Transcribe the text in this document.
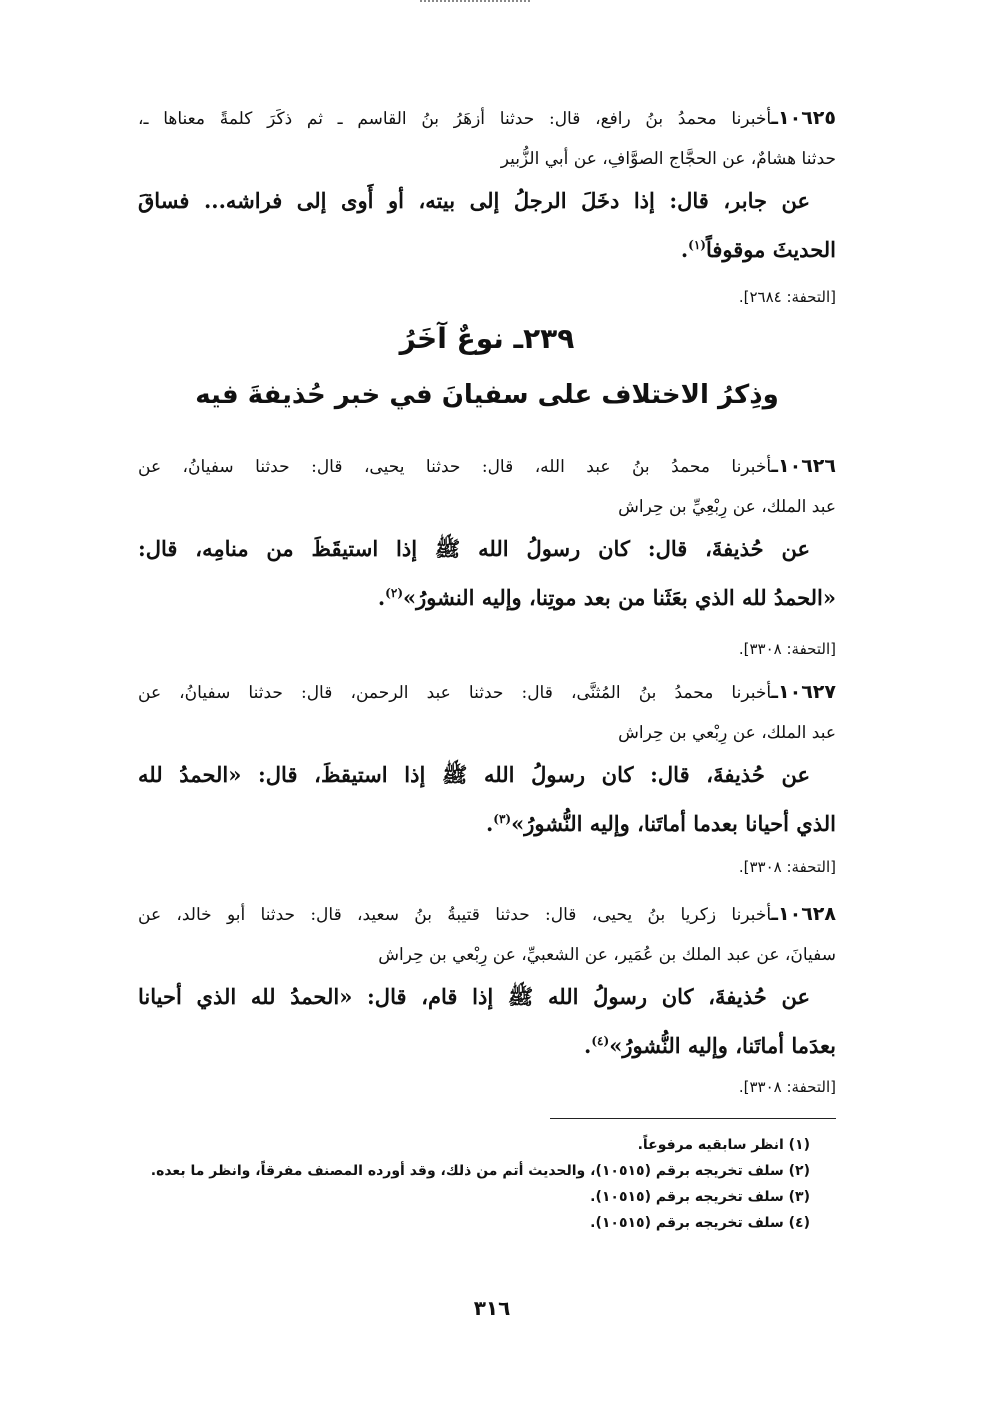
١٠٦٢٥ـأخبرنا محمدُ بنُ رافع، قال: حدثنا أزهَرُ بنُ القاسم ـ ثم ذكَرَ كلمةً معناها ـ،
حدثنا هشامٌ، عن الحجَّاج الصوَّافِ، عن أبي الزُّبير
عن جابر، قال: إذا دخَلَ الرجلُ إلى بيته، أو أَوى إلى فراشه... فساقَ
الحديثَ موقوفاً$^{(١)}$.
[التحفة: ٢٦٨٤].
٢٣٩ـ نوعٌ آخَرُ
وذِكرُ الاختلاف على سفيانَ في خبر حُذيفةَ فيه
١٠٦٢٦ـأخبرنا محمدُ بنُ عبد الله، قال: حدثنا يحيى، قال: حدثنا سفيانُ، عن
عبد الملك، عن رِبْعِيِّ بن حِراش
عن حُذيفةَ، قال: كان رسولُ الله ﷺ إذا استيقَظَ من منامِه، قال:
«الحمدُ لله الذي بعَثَنا من بعد موتِنا، وإليه النشورُ»$^{(٢)}$.
[التحفة: ٣٣٠٨].
١٠٦٢٧ـأخبرنا محمدُ بنُ المُثنَّى، قال: حدثنا عبد الرحمن، قال: حدثنا سفيانُ، عن
عبد الملك، عن رِبْعي بن حِراش
عن حُذيفةَ، قال: كان رسولُ الله ﷺ إذا استيقظَ، قال: «الحمدُ لله
الذي أحيانا بعدما أماتَنا، وإليه النُّشورُ»$^{(٣)}$.
[التحفة: ٣٣٠٨].
١٠٦٢٨ـأخبرنا زكريا بنُ يحيى، قال: حدثنا قتيبةُ بنُ سعيد، قال: حدثنا أبو خالد، عن
سفيانَ، عن عبد الملك بن عُمَير، عن الشعبيِّ، عن رِبْعي بن حِراش
عن حُذيفةَ، كان رسولُ الله ﷺ إذا قام، قال: «الحمدُ لله الذي أحيانا
بعدَما أماتَنا، وإليه النُّشورُ»$^{(٤)}$.
[التحفة: ٣٣٠٨].
(١) انظر سابقيه مرفوعاً.
(٢) سلف تخريجه برقم (١٠٥١٥)، والحديث أتم من ذلك، وقد أورده المصنف مفرقاً، وانظر ما بعده.
(٣) سلف تخريجه برقم (١٠٥١٥).
(٤) سلف تخريجه برقم (١٠٥١٥).
٣١٦
